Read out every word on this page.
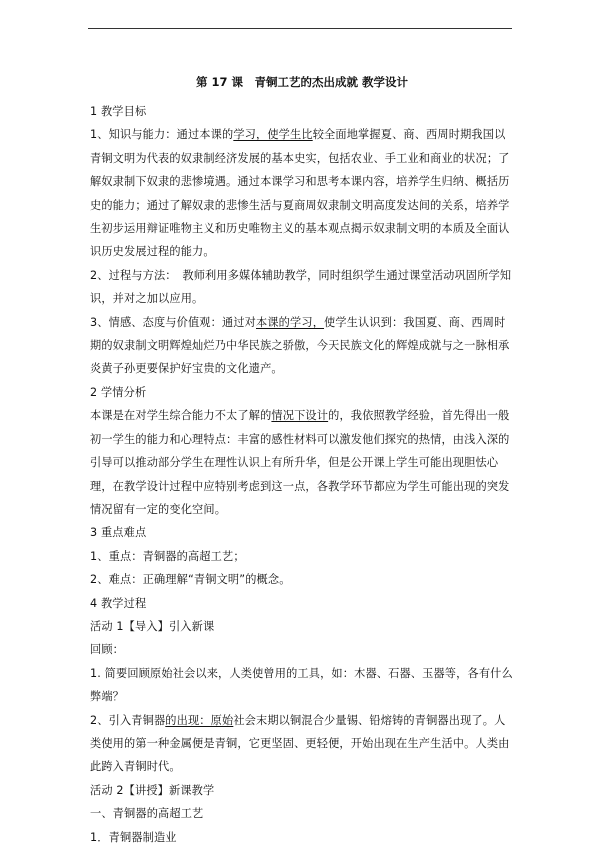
第 17 课　青铜工艺的杰出成就 教学设计

1 教学目标

1、知识与能力：通过本课的学习，使学生比较全面地掌握夏、商、西周时期我国以青铜文明为代表的奴隶制经济发展的基本史实，包括农业、手工业和商业的状况；了解奴隶制下奴隶的悲惨境遇。通过本课学习和思考本课内容，培养学生归纳、概括历史的能力；通过了解奴隶的悲惨生活与夏商周奴隶制文明高度发达间的关系，培养学生初步运用辩证唯物主义和历史唯物主义的基本观点揭示奴隶制文明的本质及全面认识历史发展过程的能力。

2、过程与方法：　教师利用多媒体辅助教学，同时组织学生通过课堂活动巩固所学知识，并对之加以应用。

3、情感、态度与价值观：通过对本课的学习，使学生认识到：我国夏、商、西周时期的奴隶制文明辉煌灿烂乃中华民族之骄傲，今天民族文化的辉煌成就与之一脉相承炎黄子孙更要保护好宝贵的文化遗产。

2 学情分析

本课是在对学生综合能力不太了解的情况下设计的，我依照教学经验，首先得出一般初一学生的能力和心理特点：丰富的感性材料可以激发他们探究的热情，由浅入深的引导可以推动部分学生在理性认识上有所升华，但是公开课上学生可能出现胆怯心理，在教学设计过程中应特别考虑到这一点，各教学环节都应为学生可能出现的突发情况留有一定的变化空间。

3 重点难点

1、重点：青铜器的高超工艺；

2、难点：正确理解“青铜文明”的概念。

4 教学过程

活动 1【导入】引入新课

回顾：

1. 简要回顾原始社会以来，人类使曾用的工具，如：木器、石器、玉器等，各有什么弊端？

2、引入青铜器的出现：原始社会末期以铜混合少量锡、铅熔铸的青铜器出现了。人类使用的第一种金属便是青铜，它更坚固、更轻便，开始出现在生产生活中。人类由此跨入青铜时代。

活动 2【讲授】新课教学

一、青铜器的高超工艺

1．青铜器制造业
